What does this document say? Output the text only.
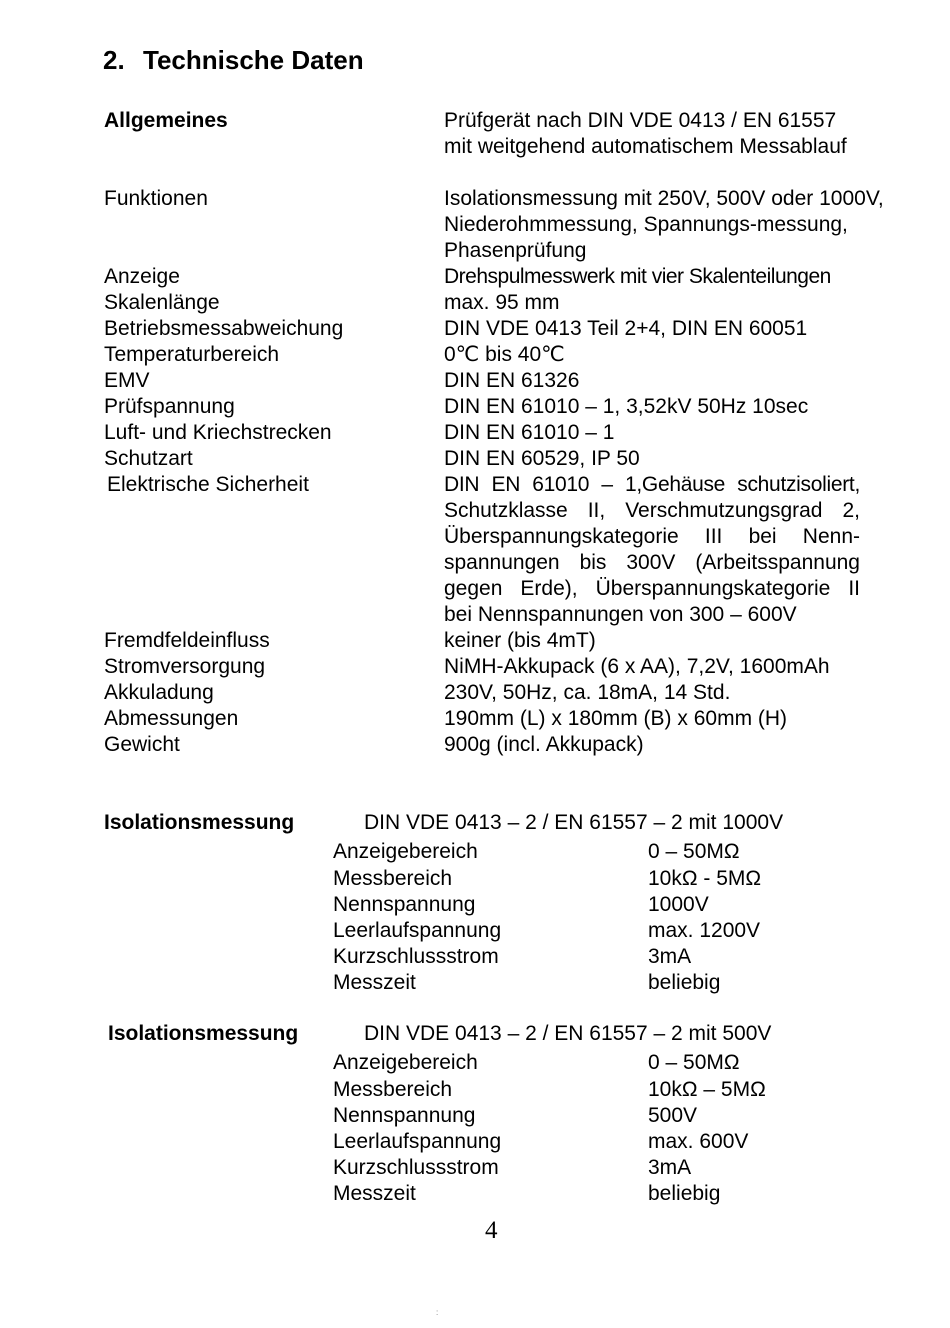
2. Technische Daten
Allgemeines	Prüfgerät nach DIN VDE 0413 / EN 61557
mit weitgehend automatischem Messablauf
Funktionen	Isolationsmessung mit 250V, 500V oder 1000V,
Niederohmmessung, Spannungs-messung,
Phasenprüfung
Anzeige	Drehspulmesswerk mit vier Skalenteilungen
Skalenlänge	max. 95 mm
Betriebsmessabweichung	DIN VDE 0413 Teil 2+4, DIN EN 60051
Temperaturbereich	0℃ bis 40℃
EMV	DIN EN 61326
Prüfspannung	DIN EN 61010 – 1, 3,52kV 50Hz 10sec
Luft- und Kriechstrecken	DIN EN 61010 – 1
Schutzart	DIN EN 60529, IP 50
Elektrische Sicherheit	DIN EN 61010 – 1,Gehäuse schutzisoliert,
Schutzklasse II, Verschmutzungsgrad 2,
Überspannungskategorie III bei Nenn-
spannungen bis 300V (Arbeitsspannung
gegen Erde), Überspannungskategorie II
bei Nennspannungen von 300 – 600V
Fremdfeldeinfluss	keiner (bis 4mT)
Stromversorgung	NiMH-Akkupack (6 x AA), 7,2V, 1600mAh
Akkuladung	230V, 50Hz, ca. 18mA, 14 Std.
Abmessungen	190mm (L) x 180mm (B) x 60mm (H)
Gewicht	900g (incl. Akkupack)
Isolationsmessung	DIN VDE 0413 – 2 / EN 61557 – 2 mit 1000V
Anzeigebereich	0 – 50MΩ
Messbereich	10kΩ - 5MΩ
Nennspannung	1000V
Leerlaufspannung	max. 1200V
Kurzschlussstrom	3mA
Messzeit	beliebig
Isolationsmessung	DIN VDE 0413 – 2 / EN 61557 – 2 mit 500V
Anzeigebereich	0 – 50MΩ
Messbereich	10kΩ – 5MΩ
Nennspannung	500V
Leerlaufspannung	max. 600V
Kurzschlussstrom	3mA
Messzeit	beliebig
4
:
